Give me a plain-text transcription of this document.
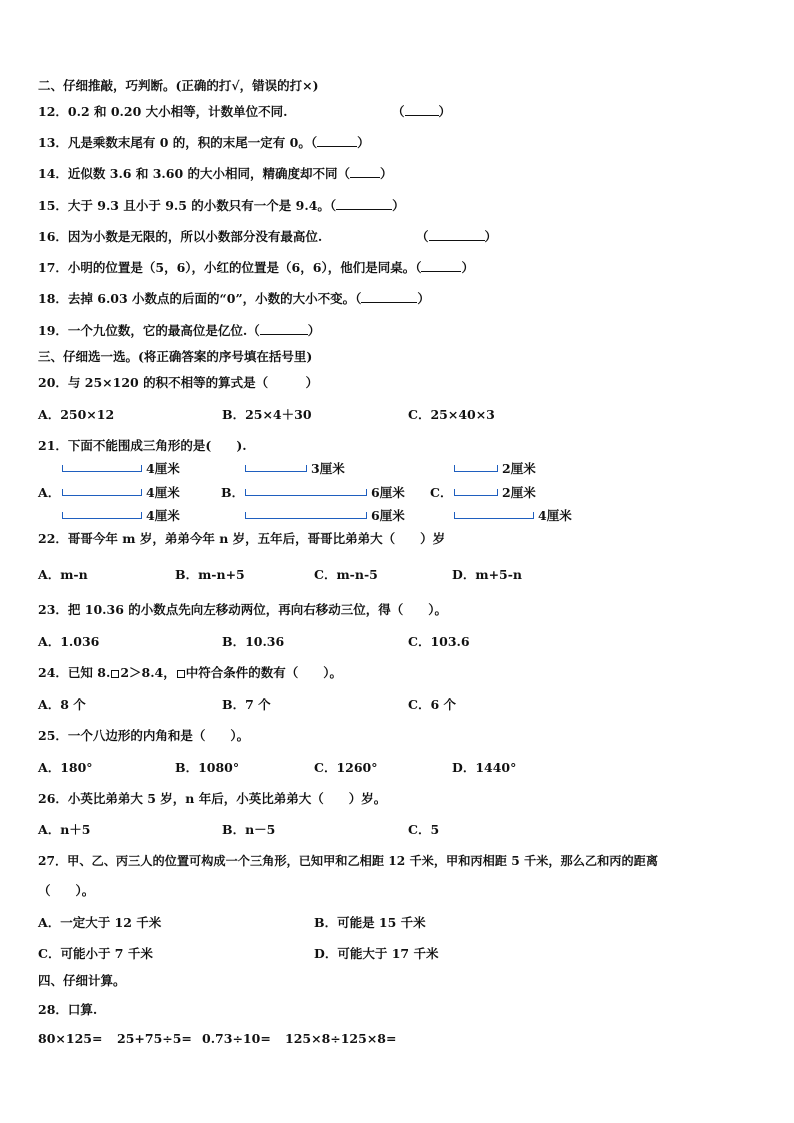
二、仔细推敲，巧判断。(正确的打√，错误的打×)
12．0.2 和 0.20 大小相等，计数单位不同.	（	）
13．凡是乘数末尾有 0 的，积的末尾一定有 0。（	）
14．近似数 3.6 和 3.60 的大小相同，精确度却不同（ ）
15．大于 9.3 且小于 9.5 的小数只有一个是 9.4。（	）
16．因为小数是无限的，所以小数部分没有最高位.	（	）
17．小明的位置是（5，6），小红的位置是（6，6），他们是同桌。（	）
18．去掉 6.03 小数点的后面的“0”，小数的大小不变。（	）
19．一个九位数，它的最高位是亿位.（	）
三、仔细选一选。(将正确答案的序号填在括号里)
20．与 25×120 的积不相等的算式是（　　　）
A．250×12	B．25×4＋30	C．25×40×3
21．下面不能围成三角形的是(　　).
A．
4厘米
4厘米
4厘米
B．
3厘米
6厘米
6厘米
C．
2厘米
2厘米
4厘米
22．哥哥今年 m 岁，弟弟今年 n 岁，五年后，哥哥比弟弟大（　　）岁
A．m-n	B．m-n+5	C．m-n-5	D．m+5-n
23．把 10.36 的小数点先向左移动两位，再向右移动三位，得（　　）。
A．1.036	B．10.36	C．103.6
24．已知 8. 2＞8.4， 中符合条件的数有（　　）。
A．8 个	B．7 个	C．6 个
25．一个八边形的内角和是（　　）。
A．180°	B．1080°	C．1260°	D．1440°
26．小英比弟弟大 5 岁，n 年后，小英比弟弟大（　　）岁。
A．n＋5	B．n－5	C．5
27．甲、乙、丙三人的位置可构成一个三角形，已知甲和乙相距 12 千米，甲和丙相距 5 千米，那么乙和丙的距离
（　　）。
A．一定大于 12 千米	B．可能是 15 千米
C．可能小于 7 千米	D．可能大于 17 千米
四、仔细计算。
28．口算.
80×125= 25+75÷5= 0.73÷10= 125×8÷125×8=
